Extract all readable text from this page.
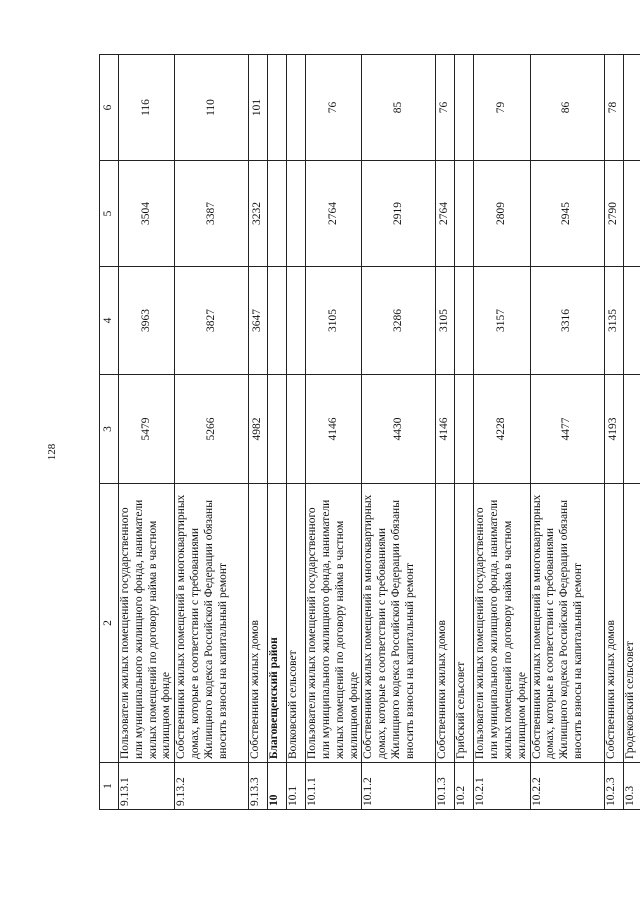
128
1	2	3	4	5	6
9.13.1	Пользователи жилых помещений государственного или муниципального жилищного фонда, наниматели жилых помещений по договору найма в частном жилищном фонде	5479	3963	3504	116
9.13.2	Собственники жилых помещений в многоквартирных домах, которые в соответствии с требованиями Жилищного кодекса Российской Федерации обязаны вносить взносы на капитальный ремонт	5266	3827	3387	110
9.13.3	Собственники жилых домов	4982	3647	3232	101
10	Благовещенский район				
10.1	Волковский сельсовет				
10.1.1	Пользователи жилых помещений государственного или муниципального жилищного фонда, наниматели жилых помещений по договору найма в частном жилищном фонде	4146	3105	2764	76
10.1.2	Собственники жилых помещений в многоквартирных домах, которые в соответствии с требованиями Жилищного кодекса Российской Федерации обязаны вносить взносы на капитальный ремонт	4430	3286	2919	85
10.1.3	Собственники жилых домов	4146	3105	2764	76
10.2	Грибский сельсовет				
10.2.1	Пользователи жилых помещений государственного или муниципального жилищного фонда, наниматели жилых помещений по договору найма в частном жилищном фонде	4228	3157	2809	79
10.2.2	Собственники жилых помещений в многоквартирных домах, которые в соответствии с требованиями Жилищного кодекса Российской Федерации обязаны вносить взносы на капитальный ремонт	4477	3316	2945	86
10.2.3	Собственники жилых домов	4193	3135	2790	78
10.3	Гродековский сельсовет				
